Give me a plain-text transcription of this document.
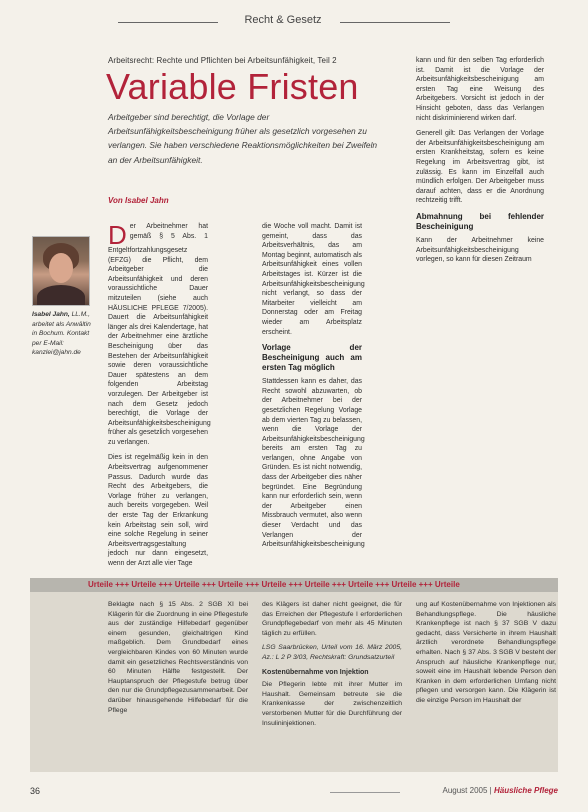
Recht & Gesetz
Arbeitsrecht: Rechte und Pflichten bei Arbeitsunfähigkeit, Teil 2
Variable Fristen
Arbeitgeber sind berechtigt, die Vorlage der Arbeitsunfähigkeitsbescheinigung früher als gesetzlich vorgesehen zu verlangen. Sie haben verschiedene Reaktionsmöglichkeiten bei Zweifeln an der Arbeitsunfähigkeit.
Von Isabel Jahn
Isabel Jahn, LL.M., arbeitet als Anwältin in Bochum. Kontakt per E-Mail: kanzlei@jahn.de

Der Arbeitnehmer hat gemäß § 5 Abs. 1 Entgeltfortzahlungsgesetz (EFZG) die Pflicht, dem Arbeitgeber die Arbeitsunfähigkeit und deren voraussichtliche Dauer mitzuteilen (siehe auch HÄUSLICHE PFLEGE 7/2005). Dauert die Arbeitsunfähigkeit länger als drei Kalendertage, hat der Arbeitnehmer eine ärztliche Bescheinigung über das Bestehen der Arbeitsunfähigkeit sowie deren voraussichtliche Dauer spätestens an dem folgenden Arbeitstag vorzulegen. Der Arbeitgeber ist nach dem Gesetz jedoch berechtigt, die Vorlage der Arbeitsunfähigkeitsbescheinigung früher als gesetzlich vorgesehen zu verlangen.

Dies ist regelmäßig kein in den Arbeitsvertrag aufgenommener Passus. Dadurch wurde das Recht des Arbeitgebers, die Vorlage früher zu verlangen, auch bereits vorgegeben. Weil der erste Tag der Erkrankung kein Arbeitstag sein soll, wird eine solche Regelung in seiner Arbeitsvertragsgestaltung jedoch nur dann eingesetzt, wenn der Arzt alle vier Tage

die Woche voll macht. Damit ist gemeint, dass das Arbeitsverhältnis, das am Montag beginnt, automatisch als Arbeitsunfähigkeit eines vollen Arbeitstages ist. Kürzer ist die Arbeitsunfähigkeitsbescheinigung nicht verlangt, so dass der Mitarbeiter vielleicht am Donnerstag oder am Freitag wieder am Arbeitsplatz erscheint.

Vorlage der Bescheinigung auch am ersten Tag möglich

Stattdessen kann es daher, das Recht sowohl abzuwarten, ob der Arbeitnehmer bei der gesetzlichen Regelung Vorlage ab dem vierten Tag zu belassen, wenn die Vorlage der Arbeitsunfähigkeitsbescheinigung bereits am ersten Tag zu verlangen, ohne Angabe von Gründen. Es ist nicht notwendig, dass der Arbeitgeber dies näher begründet. Eine Begründung kann nur erforderlich sein, wenn der Arbeitgeber einen Missbrauch vermutet, also wenn dieser Verdacht und das Verlangen der Arbeitsunfähigkeitsbescheinigung

kann und für den selben Tag erforderlich ist. Damit ist die Vorlage der Arbeitsunfähigkeitsbescheinigung am ersten Tag eine Weisung des Arbeitgebers. Vorsicht ist jedoch in der Hinsicht geboten, dass das Verlangen nicht diskriminierend wirken darf.

Generell gilt: Das Verlangen der Vorlage der Arbeitsunfähigkeitsbescheinigung am ersten Krankheitstag, sofern es keine Regelung im Arbeitsvertrag gibt, ist zulässig. Es kann im Einzelfall auch mündlich erfolgen. Der Arbeitgeber muss darauf achten, dass er die Anordnung rechtzeitig trifft.

Abmahnung bei fehlender Bescheinigung

Kann der Arbeitnehmer keine Arbeitsunfähigkeitsbescheinigung vorlegen, so kann für diesen Zeitraum

Urteile +++ Urteile +++ Urteile +++ Urteile +++ Urteile +++ Urteile +++ Urteile +++ Urteile +++ Urteile

Beklagte nach § 15 Abs. 2 SGB XI bei Klägerin für die Zuordnung in eine Pflegestufe aus der zuständige Hilfebedarf gegenüber einem gesunden, gleichaltrigen Kind maßgeblich. Dem Grundbedarf eines vergleichbaren Kindes von 60 Minuten wurde damit ein gesetzliches Rechtsverständnis von 60 Minuten Hälfte festgestellt. Der Hauptanspruch der Pflegestufe betrug über den nur die Grundpflegezusammenarbeit. Der darüber hinausgehende Hilfebedarf für die Pflege

des Klägers ist daher nicht geeignet, die für das Erreichen der Pflegestufe I erforderlichen Grundpflegebedarf von mehr als 45 Minuten täglich zu erfüllen.

LSG Saarbrücken, Urteil vom 16. März 2005, Az.: L 2 P 3/03, Rechtskraft: Grundsatzurteil

Kostenübernahme von Injektion

Die Pflegerin lebte mit ihrer Mutter im Haushalt. Gemeinsam betreute sie die Krankenkasse der zwischenzeitlich verstorbenen Mutter für die Durchführung der Insulininjektionen.

ung auf Kostenübernahme von Injektionen als Behandlungspflege. Die häusliche Krankenpflege ist nach § 37 SGB V dazu gedacht, dass Versicherte in ihrem Haushalt ärztlich verordnete Behandlungspflege erhalten. Nach § 37 Abs. 3 SGB V besteht der Anspruch auf häusliche Krankenpflege nur, soweit eine im Haushalt lebende Person den Kranken in dem erforderlichen Umfang nicht pflegen und versorgen kann. Die Klägerin ist die einzige Person im Haushalt der

36	August 2005 | Häusliche Pflege
